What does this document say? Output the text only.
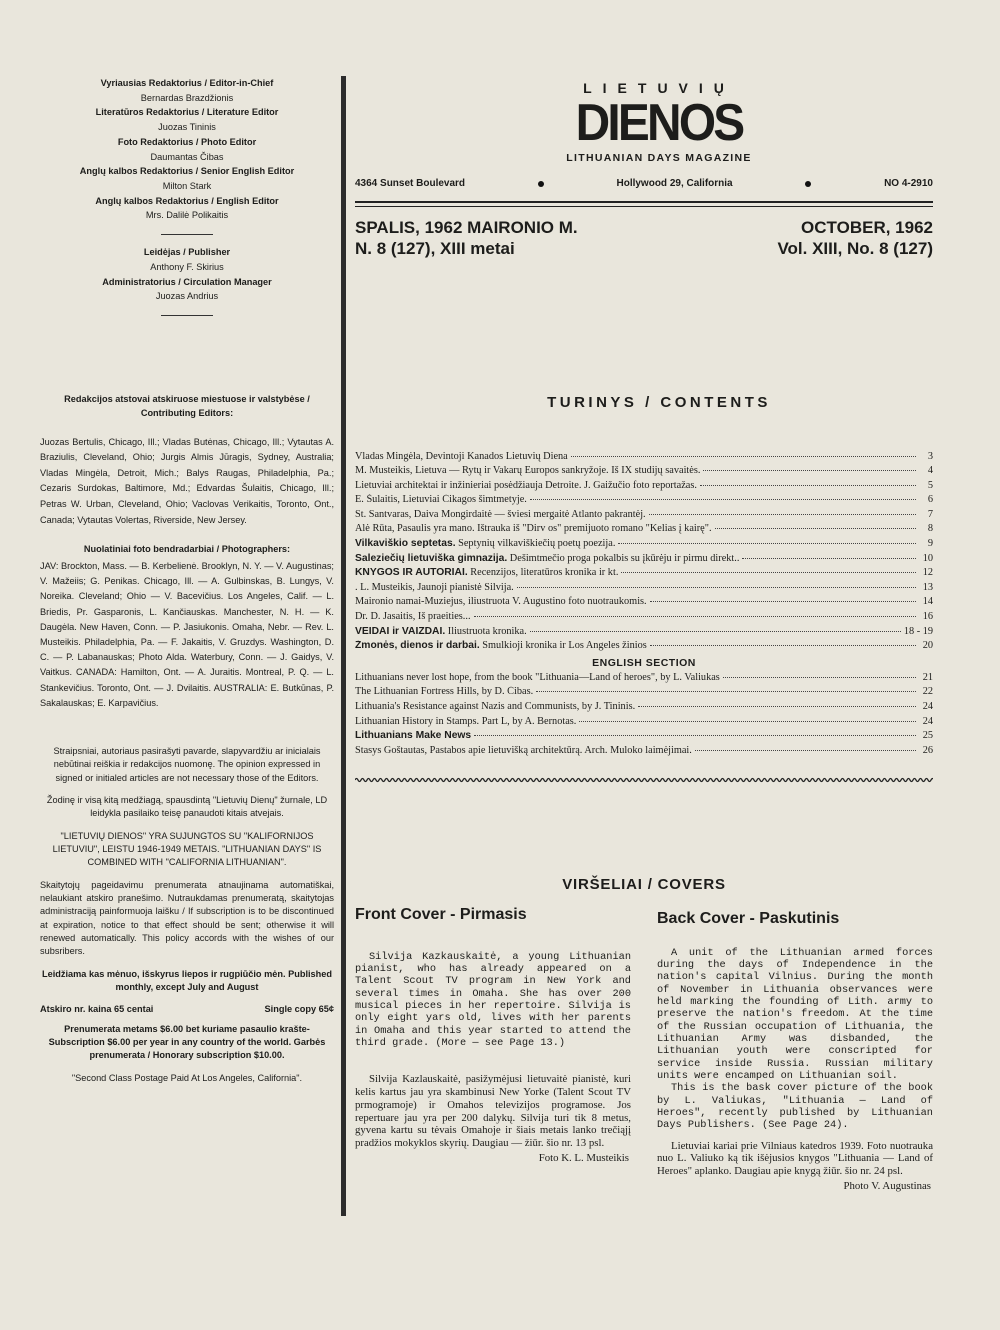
Vyriausias Redaktorius / Editor-in-Chief

Bernardas Brazdžionis

Literatūros Redaktorius / Literature Editor

Juozas Tininis

Foto Redaktorius / Photo Editor

Daumantas Čibas

Anglų kalbos Redaktorius / Senior English Editor

Milton Stark

Anglų kalbos Redaktorius / English Editor

Mrs. Dalilė Polikaitis

Leidėjas / Publisher

Anthony F. Skirius

Administratorius / Circulation Manager

Juozas Andrius

Redakcijos atstovai atskiruose miestuose ir valstybėse / Contributing Editors:
Juozas Bertulis, Chicago, Ill.; Vladas Butėnas, Chicago, Ill.; Vytautas A. Braziulis, Cleveland, Ohio; Jurgis Almis Jūragis, Sydney, Australia; Vladas Mingėla, Detroit, Mich.; Balys Raugas, Philadelphia, Pa.; Cezaris Surdokas, Baltimore, Md.; Edvardas Šulaitis, Chicago, Ill.; Petras W. Urban, Cleveland, Ohio; Vaclovas Verikaitis, Toronto, Ont., Canada; Vytautas Volertas, Riverside, New Jersey.
Nuolatiniai foto bendradarbiai / Photographers:
JAV: Brockton, Mass. — B. Kerbelienė. Brooklyn, N. Y. — V. Augustinas; V. Mažeiis; G. Penikas. Chicago, Ill. — A. Gulbinskas, B. Lungys, V. Noreika. Cleveland; Ohio — V. Bacevičius. Los Angeles, Calif. — L. Briedis, Pr. Gasparonis, L. Kančiauskas. Manchester, N. H. — K. Daugėla. New Haven, Conn. — P. Jasiukonis. Omaha, Nebr. — Rev. L. Musteikis. Philadelphia, Pa. — F. Jakaitis, V. Gruzdys. Washington, D. C. — P. Labanauskas; Photo Alda. Waterbury, Conn. — J. Gaidys, V. Vaitkus. CANADA: Hamilton, Ont. — A. Juraitis. Montreal, P. Q. — L. Stankevičius. Toronto, Ont. — J. Dvilaitis. AUSTRALIA: E. Butkūnas, P. Sakalauskas; E. Karpavičius.

Straipsniai, autoriaus pasirašyti pavarde, slapyvardžiu ar inicialais nebūtinai reiškia ir redakcijos nuomonę. The opinion expressed in signed or initialed articles are not necessary those of the Editors.

Žodinę ir visą kitą medžiagą, spausdintą "Lietuvių Dienų" žurnale, LD leidykla pasilaiko teisę panaudoti kitais atvejais.

"LIETUVIŲ DIENOS" YRA SUJUNGTOS SU "KALIFORNIJOS LIETUVIU", LEISTU 1946-1949 METAIS. "LITHUANIAN DAYS" IS COMBINED WITH "CALIFORNIA LITHUANIAN".

Skaitytojų pageidavimu prenumerata atnaujinama automatiškai, nelaukiant atskiro pranešimo. Nutraukdamas prenumeratą, skaitytojas administraciją painformuoja laišku / If subscription is to be discontinued at expiration, notice to that effect should be sent; otherwise it will renewed automatically. This policy accords with the wishes of our subsribers.

Leidžiama kas mėnuo, išskyrus liepos ir rugpiūčio mėn. Published monthly, except July and August

Atskiro nr. kaina 65 centai	Single copy 65¢

Prenumerata metams $6.00 bet kuriame pasaulio krašte- Subscription $6.00 per year in any country of the world. Garbės prenumerata / Honorary subscription $10.00.

"Second Class Postage Paid At Los Angeles, California".

LIETUVIŲ
DIENOS
LITHUANIAN DAYS MAGAZINE
4364 Sunset Boulevard	Hollywood 29, California	NO 4-2910
SPALIS, 1962 MAIRONIO M.
N. 8 (127), XIII metai
OCTOBER, 1962
Vol. XIII, No. 8 (127)
TURINYS / CONTENTS
Vladas Mingėla, Devintoji Kanados Lietuvių Diena	3
M. Musteikis, Lietuva — Rytų ir Vakarų Europos sankryžoje. Iš IX studijų savaitės.	4
Lietuviai architektai ir inžinieriai posėdžiauja Detroite. J. Gaižučio foto reportažas.	5
E. Šulaitis, Lietuviai Čikagos šimtmetyje.	6
St. Santvaras, Daiva Mongirdaitė — šviesi mergaitė Atlanto pakrantėj.	7
Alė Rūta, Pasaulis yra mano. Ištrauka iš "Dirv os" premijuoto romano "Kelias į kairę".	8
Vilkaviškio septetas. Septynių vilkaviškiečių poetų poezija.	9
Saleziečių lietuviška gimnazija. Dešimtmečio proga pokalbis su įkūrėju ir pirmu direkt..	10
KNYGOS IR AUTORIAI. Recenzijos, literatūros kronika ir kt.	12
. L. Musteikis, Jaunoji pianistė Silvija.	13
Maironio namai-Muziejus, iliustruota V. Augustino foto nuotraukomis.	14
Dr. D. Jasaitis, Iš praeities...	16
VEIDAI ir VAIZDAI. Iliustruota kronika.	18 - 19
Žmonės, dienos ir darbai. Smulkioji kronika ir Los Angeles žinios	20
ENGLISH SECTION
Lithuanians never lost hope, from the book "Lithuania—Land of heroes", by L. Valiukas	21
The Lithuanian Fortress Hills, by D. Čibas.	22
Lithuania's Resistance against Nazis and Communists, by J. Tininis.	24
Lithuanian History in Stamps. Part L, by A. Bernotas.	24
Lithuanians Make News	25
Stasys Goštautas, Pastabos apie lietuvišką architektūrą. Arch. Muloko laimėjimai.	26
VIRŠELIAI / COVERS
Front Cover - Pirmasis

Silvija Kazkauskaitė, a young Lithuanian pianist, who has already appeared on a Talent Scout TV program in New York and several times in Omaha. She has over 200 musical pieces in her repertoire. Silvija is only eight yars old, lives with her parents in Omaha and this year started to attend the third grade. (More — see Page 13.)

Silvija Kazlauskaitė, pasižymėjusi lietuvaitė pianistė, kuri kelis kartus jau yra skambinusi New Yorke (Talent Scout TV prmogramoje) ir Omahos televizijos programose. Jos repertuare jau yra per 200 dalykų. Silvija turi tik 8 metus, gyvena kartu su tėvais Omahoje ir šiais metais lanko trečiąjį pradžios mokyklos skyrių. Daugiau — žiūr. šio nr. 13 psl.

Foto K. L. Musteikis
Back Cover - Paskutinis

A unit of the Lithuanian armed forces during the days of Independence in the nation's capital Vilnius. During the month of November in Lithuania observances were held marking the founding of Lith. army to preserve the nation's freedom. At the time of the Russian occupation of Lithuania, the Lithuanian Army was disbanded, the Lithuanian youth were conscripted for service inside Russia. Russian military units were encamped on Lithuanian soil.

This is the bask cover picture of the book by L. Valiukas, "Lithuania — Land of Heroes", recently published by Lithuanian Days Publishers. (See Page 24).

Lietuviai kariai prie Vilniaus katedros 1939. Foto nuotrauka nuo L. Valiuko ką tik išėjusios knygos "Lithuania — Land of Heroes" aplanko. Daugiau apie knygą žiūr. šio nr. 24 psl.

Photo V. Augustinas
